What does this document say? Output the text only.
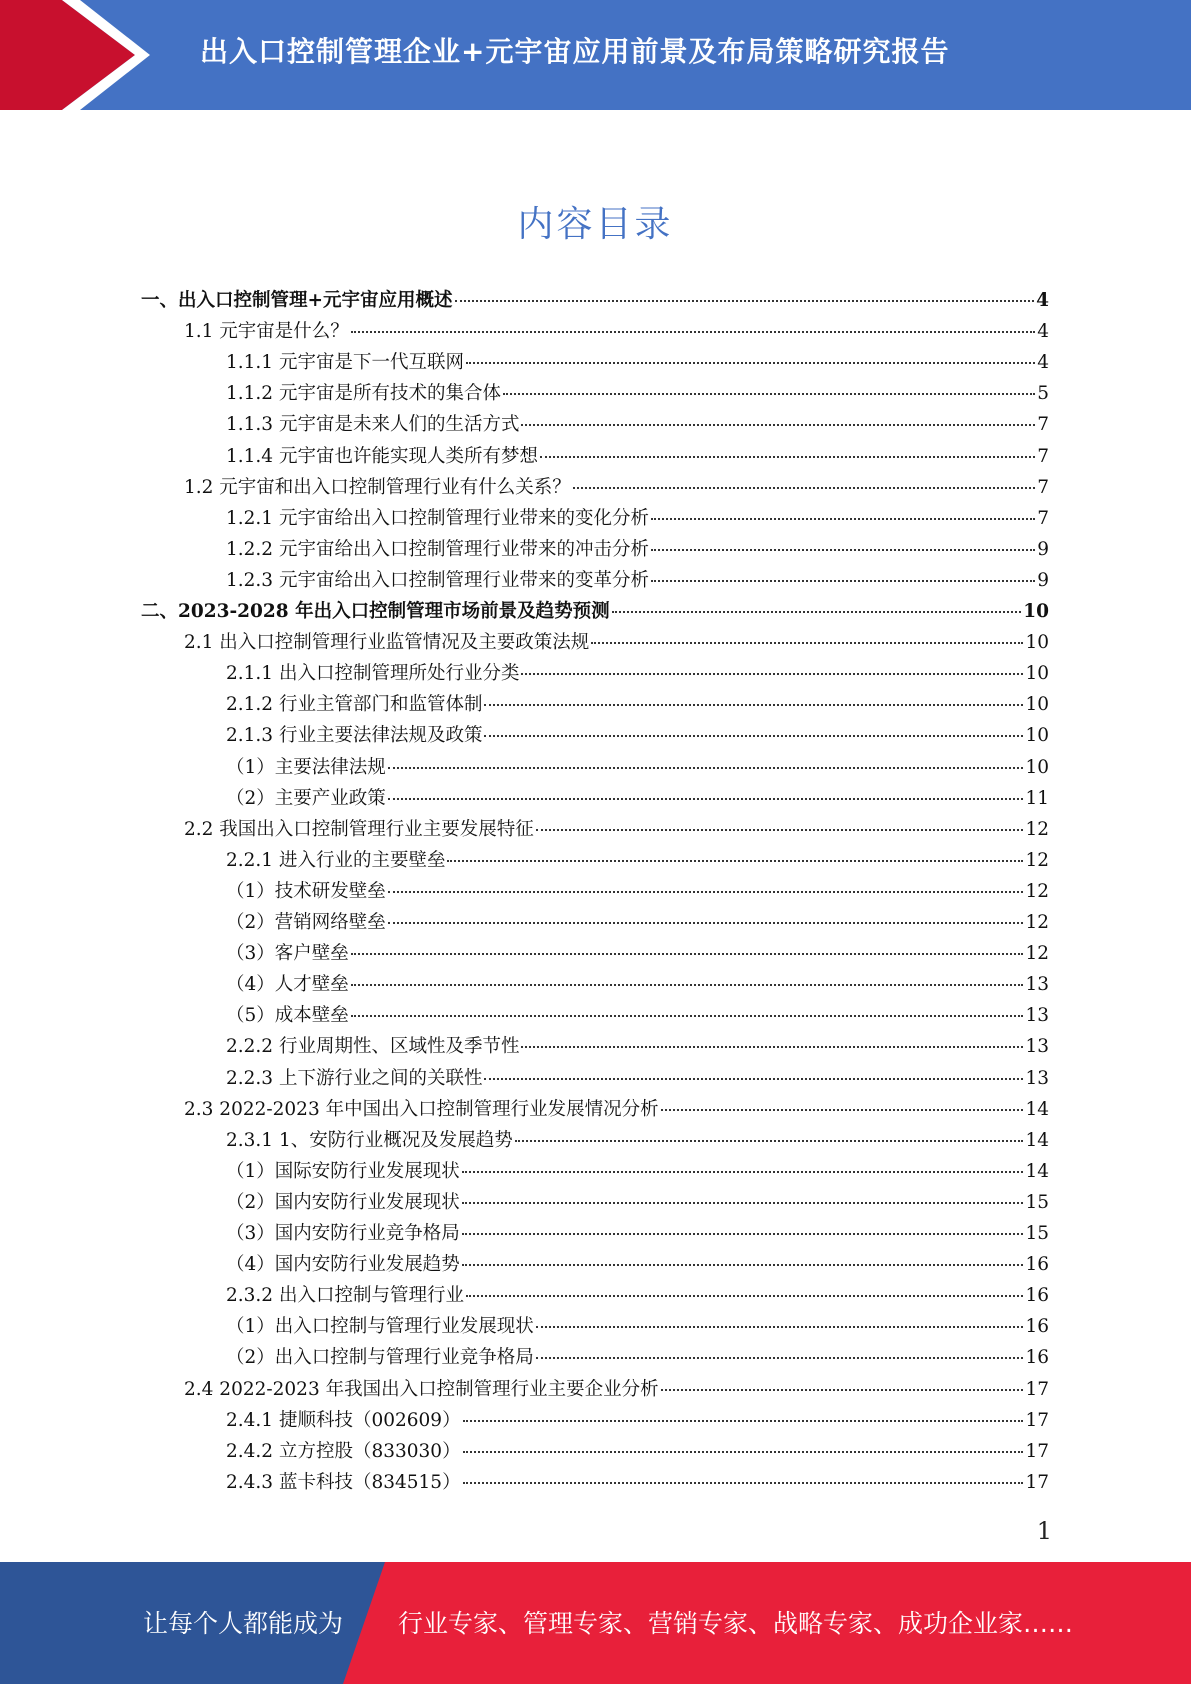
出入口控制管理企业+元宇宙应用前景及布局策略研究报告
内容目录
一、出入口控制管理+元宇宙应用概述	4
1.1 元宇宙是什么？	4
1.1.1 元宇宙是下一代互联网	4
1.1.2 元宇宙是所有技术的集合体	5
1.1.3 元宇宙是未来人们的生活方式	7
1.1.4 元宇宙也许能实现人类所有梦想	7
1.2 元宇宙和出入口控制管理行业有什么关系？	7
1.2.1 元宇宙给出入口控制管理行业带来的变化分析	7
1.2.2 元宇宙给出入口控制管理行业带来的冲击分析	9
1.2.3 元宇宙给出入口控制管理行业带来的变革分析	9
二、2023-2028 年出入口控制管理市场前景及趋势预测	10
2.1 出入口控制管理行业监管情况及主要政策法规	10
2.1.1 出入口控制管理所处行业分类	10
2.1.2 行业主管部门和监管体制	10
2.1.3 行业主要法律法规及政策	10
（1）主要法律法规	10
（2）主要产业政策	11
2.2 我国出入口控制管理行业主要发展特征	12
2.2.1 进入行业的主要壁垒	12
（1）技术研发壁垒	12
（2）营销网络壁垒	12
（3）客户壁垒	12
（4）人才壁垒	13
（5）成本壁垒	13
2.2.2 行业周期性、区域性及季节性	13
2.2.3 上下游行业之间的关联性	13
2.3 2022-2023 年中国出入口控制管理行业发展情况分析	14
2.3.1 1、安防行业概况及发展趋势	14
（1）国际安防行业发展现状	14
（2）国内安防行业发展现状	15
（3）国内安防行业竞争格局	15
（4）国内安防行业发展趋势	16
2.3.2 出入口控制与管理行业	16
（1）出入口控制与管理行业发展现状	16
（2）出入口控制与管理行业竞争格局	16
2.4 2022-2023 年我国出入口控制管理行业主要企业分析	17
2.4.1 捷顺科技（002609）	17
2.4.2 立方控股（833030）	17
2.4.3 蓝卡科技（834515）	17
1
让每个人都能成为 行业专家、管理专家、营销专家、战略专家、成功企业家……
